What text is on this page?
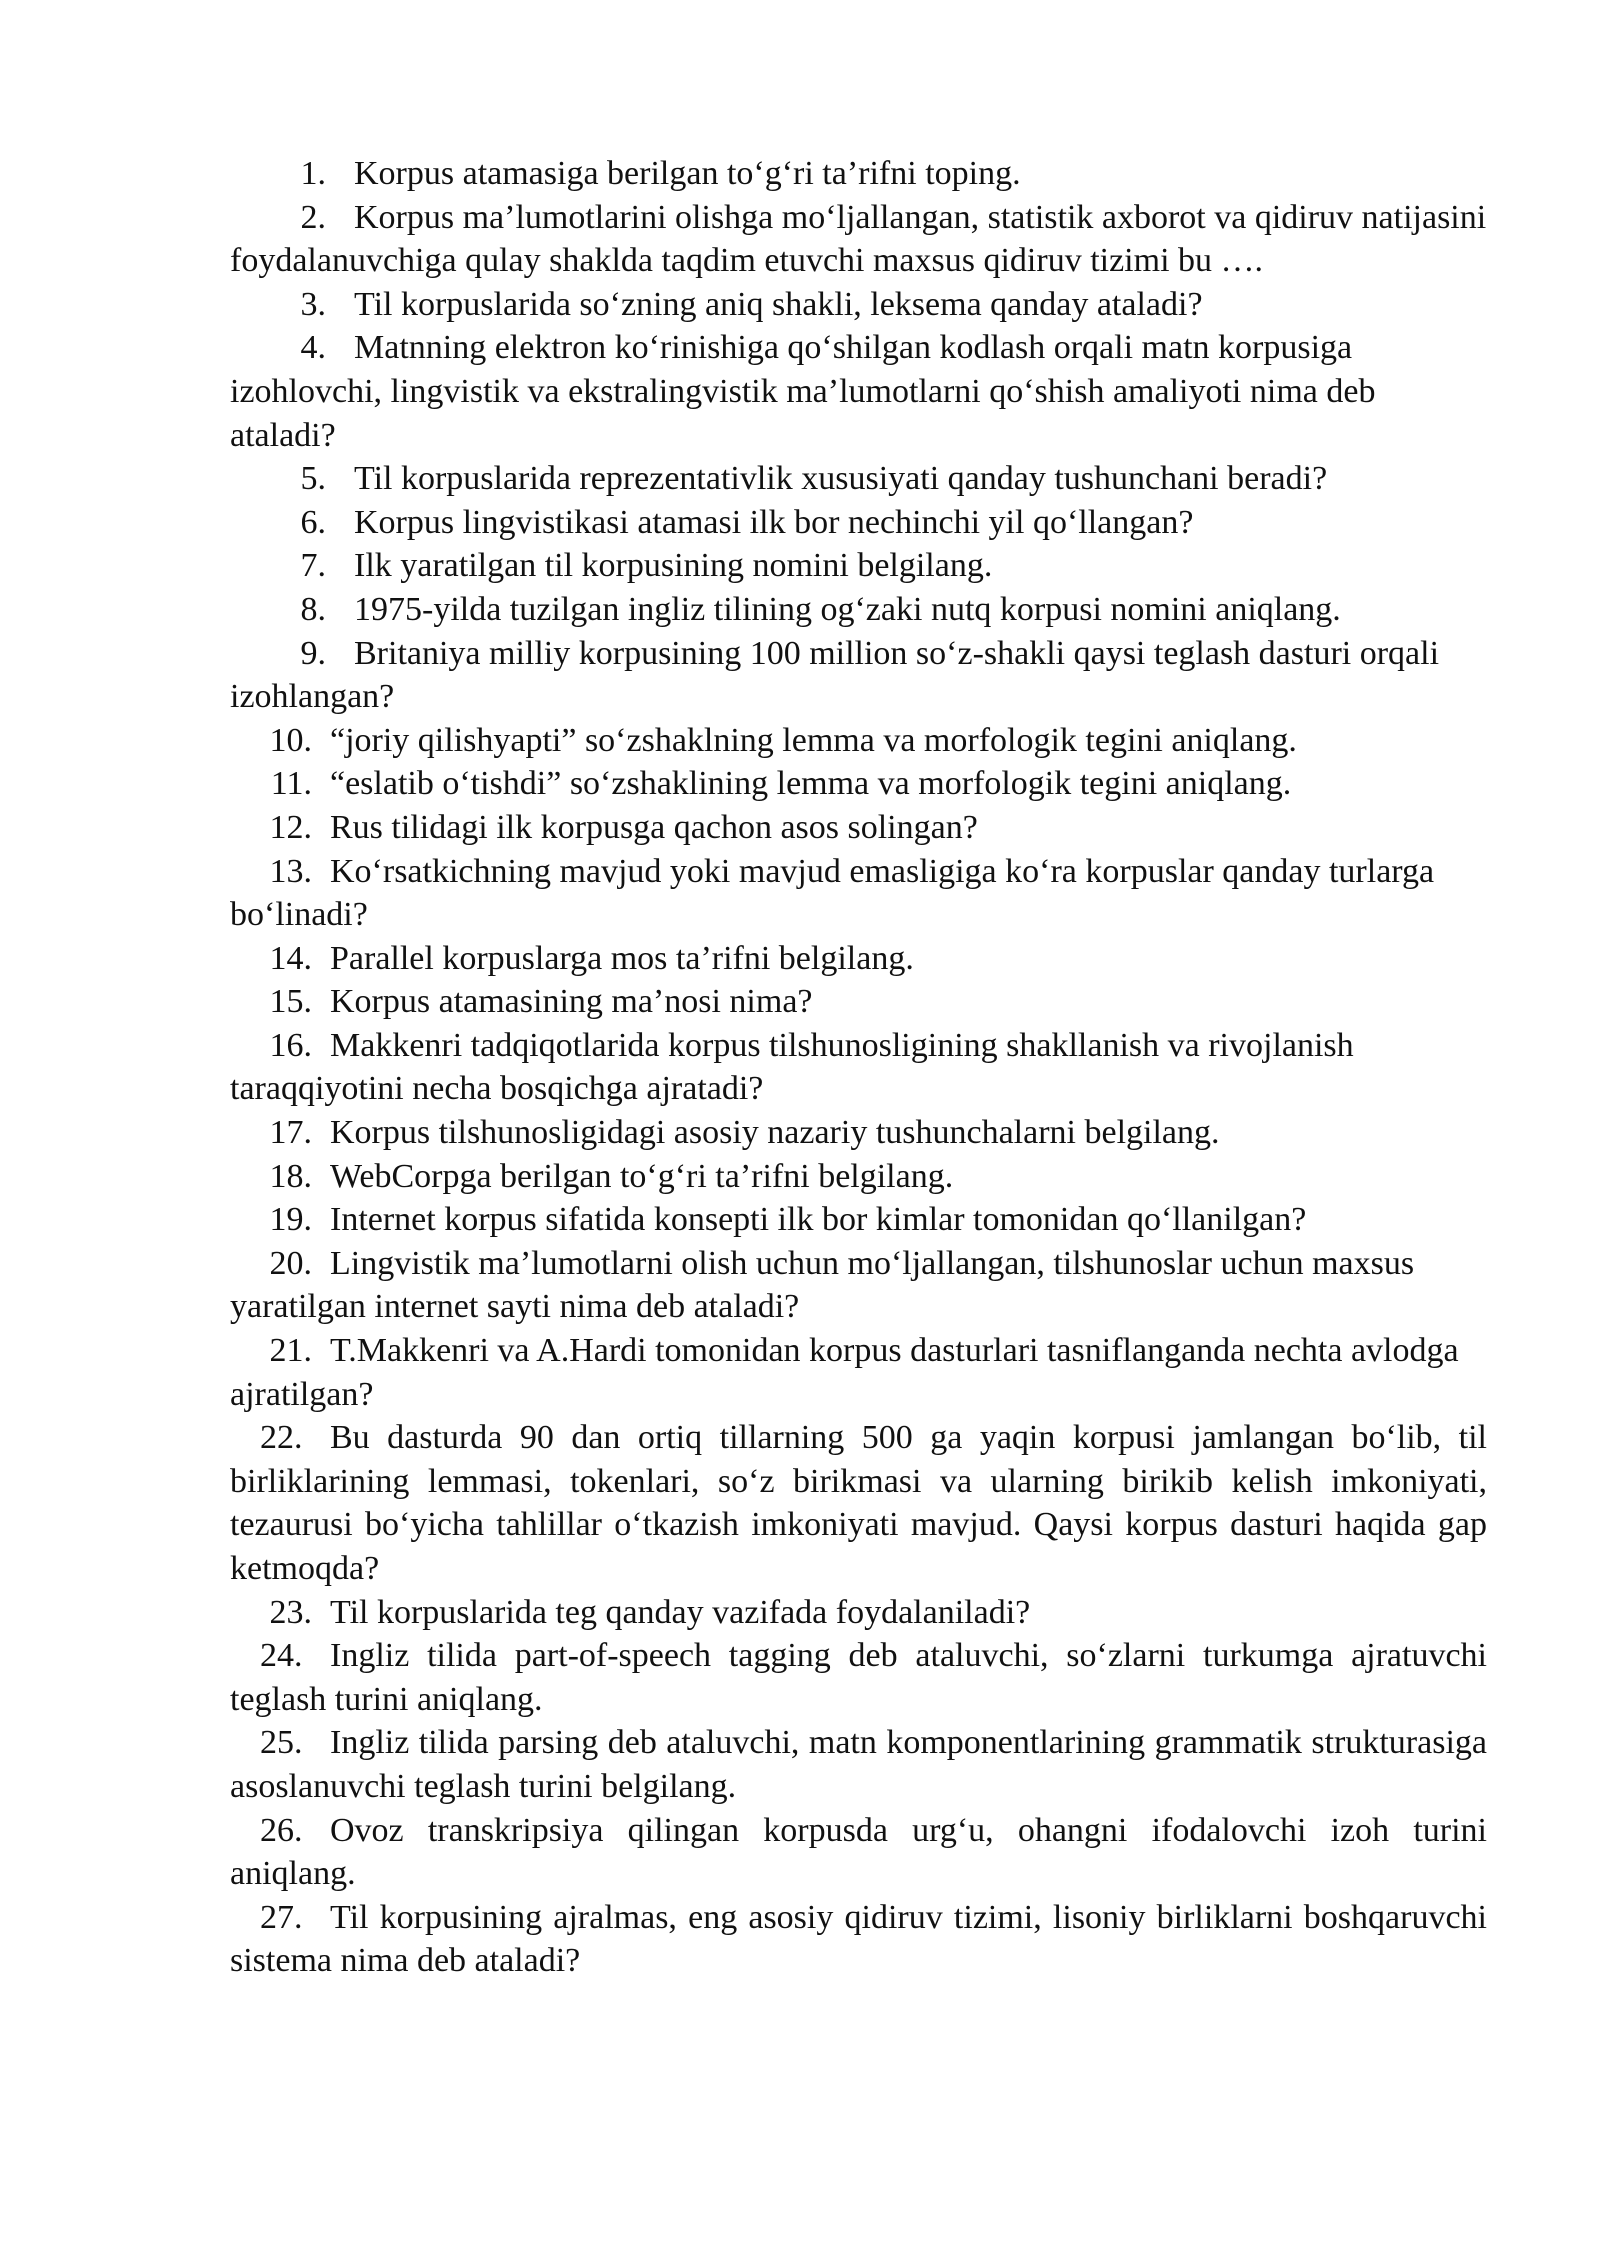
1. Korpus atamasiga berilgan to‘g‘ri ta’rifni toping.

2. Korpus ma’lumotlarini olishga mo‘ljallangan, statistik axborot va qidiruv natijasini foydalanuvchiga qulay shaklda taqdim etuvchi maxsus qidiruv tizimi bu ….

3. Til korpuslarida so‘zning aniq shakli, leksema qanday ataladi?

4. Matnning elektron ko‘rinishiga qo‘shilgan kodlash orqali matn korpusiga izohlovchi, lingvistik va ekstralingvistik ma’lumotlarni qo‘shish amaliyoti nima deb ataladi?

5. Til korpuslarida reprezentativlik xususiyati qanday tushunchani beradi?

6. Korpus lingvistikasi atamasi ilk bor nechinchi yil qo‘llangan?

7. Ilk yaratilgan til korpusining nomini belgilang.

8. 1975-yilda tuzilgan ingliz tilining og‘zaki nutq korpusi nomini aniqlang.

9. Britaniya milliy korpusining 100 million so‘z-shakli qaysi teglash dasturi orqali izohlangan?

10. “joriy qilishyapti” so‘zshaklning lemma va morfologik tegini aniqlang.

11. “eslatib o‘tishdi” so‘zshaklining lemma va morfologik tegini aniqlang.

12. Rus tilidagi ilk korpusga qachon asos solingan?

13. Ko‘rsatkichning mavjud yoki mavjud emasligiga ko‘ra korpuslar qanday turlarga bo‘linadi?

14. Parallel korpuslarga mos ta’rifni belgilang.

15. Korpus atamasining ma’nosi nima?

16. Makkenri tadqiqotlarida korpus tilshunosligining shakllanish va rivojlanish taraqqiyotini necha bosqichga ajratadi?

17. Korpus tilshunosligidagi asosiy nazariy tushunchalarni belgilang.

18. WebCorpga berilgan to‘g‘ri ta’rifni belgilang.

19. Internet korpus sifatida konsepti ilk bor kimlar tomonidan qo‘llanilgan?

20. Lingvistik ma’lumotlarni olish uchun mo‘ljallangan, tilshunoslar uchun maxsus yaratilgan internet sayti nima deb ataladi?

21. T.Makkenri va A.Hardi tomonidan korpus dasturlari tasniflanganda nechta avlodga ajratilgan?

22. Bu dasturda 90 dan ortiq tillarning 500 ga yaqin korpusi jamlangan bo‘lib, til birliklarining lemmasi, tokenlari, so‘z birikmasi va ularning birikib kelish imkoniyati, tezaurusi bo‘yicha tahlillar o‘tkazish imkoniyati mavjud. Qaysi korpus dasturi haqida gap ketmoqda?

23. Til korpuslarida teg qanday vazifada foydalaniladi?

24. Ingliz tilida part-of-speech tagging deb ataluvchi, so‘zlarni turkumga ajratuvchi teglash turini aniqlang.

25. Ingliz tilida parsing deb ataluvchi, matn komponentlarining grammatik strukturasiga asoslanuvchi teglash turini belgilang.

26. Ovoz transkripsiya qilingan korpusda urg‘u, ohangni ifodalovchi izoh turini aniqlang.

27. Til korpusining ajralmas, eng asosiy qidiruv tizimi, lisoniy birliklarni boshqaruvchi sistema nima deb ataladi?
